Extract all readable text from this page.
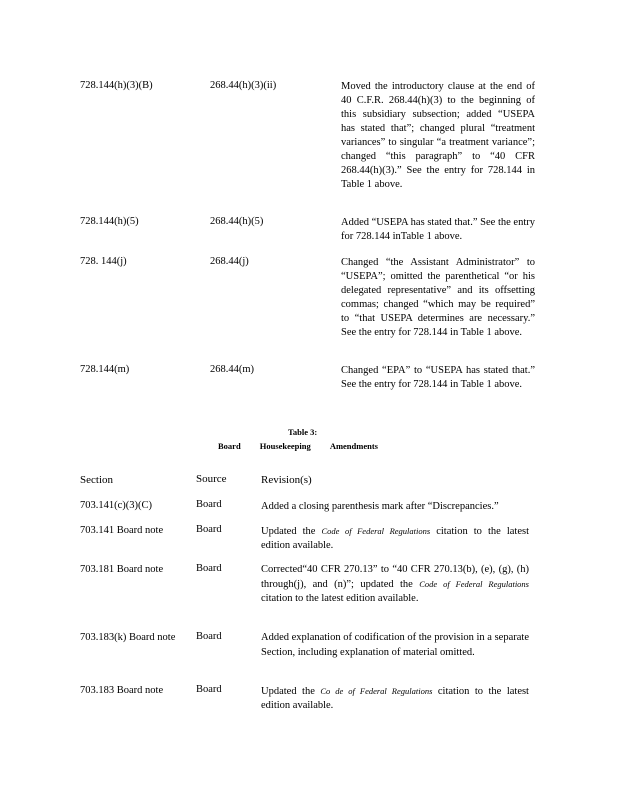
728.144(h)(3)(B)	268.44(h)(3)(ii)	Moved the introductory clause at the end of 40 C.F.R. 268.44(h)(3) to the beginning of this subsidiary subsection; added “USEPA has stated that”; changed plural “treatment variances” to singular “a treatment variance”; changed “this paragraph” to “40 CFR 268.44(h)(3).” See the entry for 728.144 in Table 1 above.
728.144(h)(5)	268.44(h)(5)	Added “USEPA has stated that.” See the entry for 728.144 inTable 1 above.
728. 144(j)	268.44(j)	Changed “the Assistant Administrator” to “USEPA”; omitted the parenthetical “or his delegated representative” and its offsetting commas; changed “which may be required” to “that USEPA determines are necessary.” See the entry for 728.144 in Table 1 above.
728.144(m)	268.44(m)	Changed “EPA” to “USEPA has stated that.” See the entry for 728.144 in Table 1 above.
Table 3:
Board Housekeeping Amendments
Section	Source	Revision(s)
703.141(c)(3)(C)	Board	Added a closing parenthesis mark after “Discrepancies.”
703.141 Board note	Board	Updated the Code of Federal Regulations citation to the latest edition available.
703.181 Board note	Board	Corrected“40 CFR 270.13” to “40 CFR 270.13(b), (e), (g), (h) through(j), and (n)”; updated the Code of Federal Regulations citation to the latest edition available.
703.183(k) Board note	Board	Added explanation of codification of the provision in a separate Section, including explanation of material omitted.
703.183 Board note	Board	Updated the Co de of Federal Regulations citation to the latest edition available.
